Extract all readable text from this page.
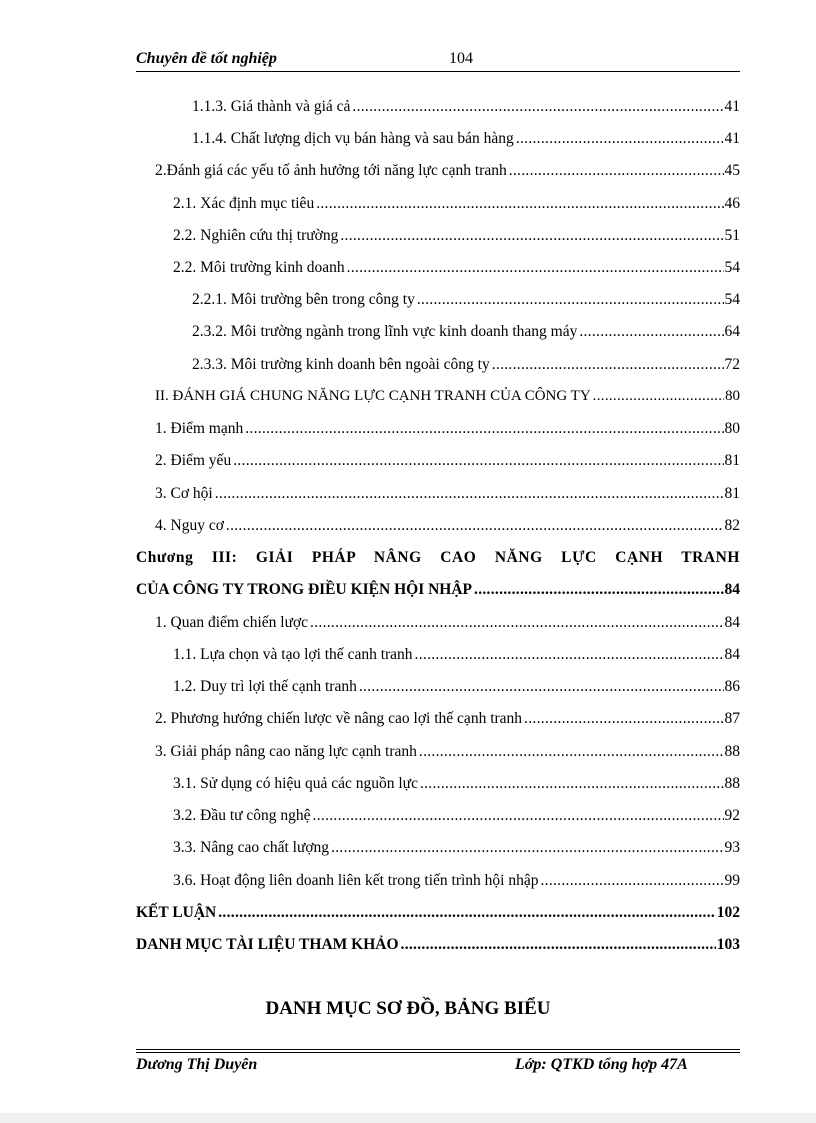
Chuyên đề tốt nghiệp	104
1.1.3. Giá thành và giá cả .....	41
1.1.4. Chất lượng dịch vụ bán hàng và sau bán hàng .....	41
2.Đánh giá các yếu tố ảnh hưởng tới năng lực cạnh tranh .....	45
2.1. Xác định mục tiêu .....	46
2.2. Nghiên cứu thị trường .....	51
2.2. Môi trường kinh doanh .....	54
2.2.1. Môi trường bên trong công ty .....	54
2.3.2. Môi trường ngành trong lĩnh vực kinh doanh thang máy .....	64
2.3.3. Môi trường kinh doanh bên ngoài công ty .....	72
II. ĐÁNH GIÁ CHUNG NĂNG LỰC CẠNH TRANH CỦA CÔNG TY .....	80
1. Điểm mạnh .....	80
2. Điểm yếu .....	81
3. Cơ hội .....	81
4. Nguy cơ .....	82
Chương III: GIẢI PHÁP NÂNG CAO NĂNG LỰC CẠNH TRANH
CỦA CÔNG TY TRONG ĐIỀU KIỆN HỘI NHẬP .....	84
1. Quan điểm chiến lược .....	84
1.1. Lựa chọn và tạo lợi thế canh tranh .....	84
1.2. Duy trì lợi thế cạnh tranh .....	86
2. Phương hướng chiến lược về nâng cao lợi thế cạnh tranh .....	87
3. Giải pháp nâng cao năng lực cạnh tranh .....	88
3.1. Sử dụng có hiệu quả các nguồn lực .....	88
3.2. Đầu tư công nghệ .....	92
3.3. Nâng cao chất lượng .....	93
3.6. Hoạt động liên doanh liên kết trong tiến trình hội nhập .....	99
KẾT LUẬN .....	102
DANH MỤC TÀI LIỆU THAM KHẢO .....	103
DANH MỤC SƠ ĐỒ, BẢNG BIỂU
Dương Thị Duyên	Lớp: QTKD tổng hợp 47A
